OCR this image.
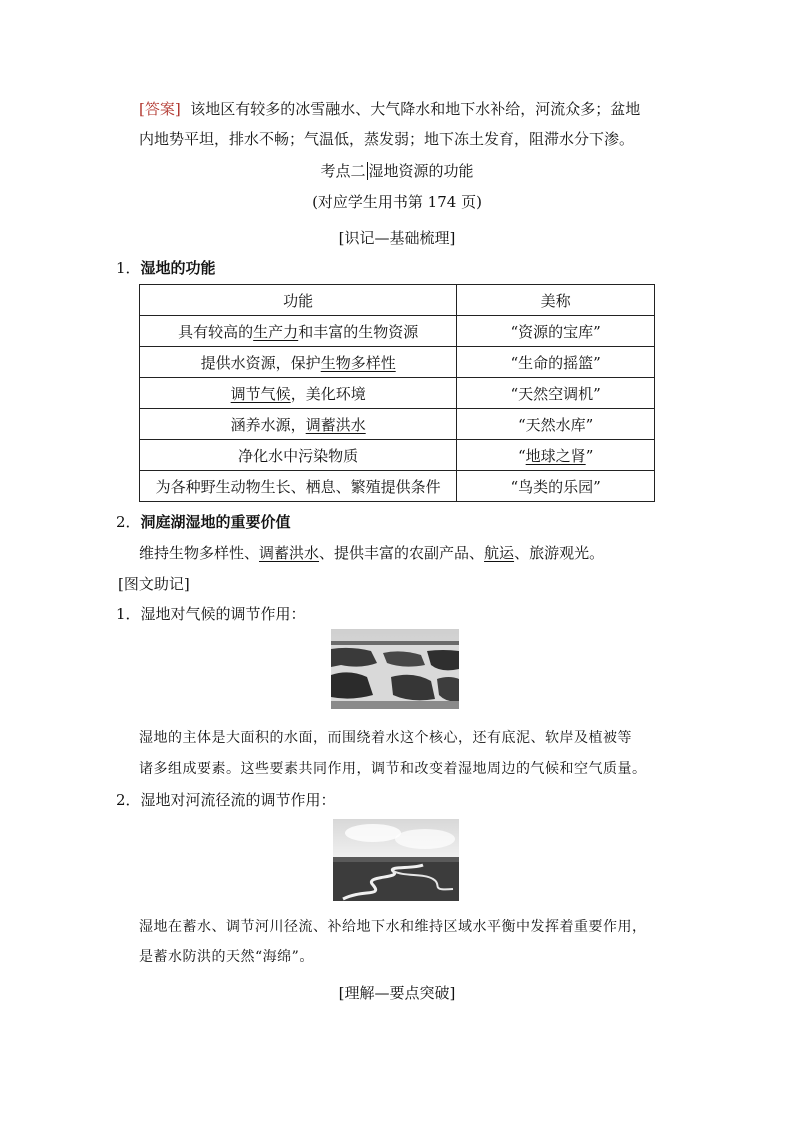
[答案] 该地区有较多的冰雪融水、大气降水和地下水补给，河流众多；盆地
内地势平坦，排水不畅；气温低，蒸发弱；地下冻土发育，阻滞水分下渗。
考点二 湿地资源的功能
(对应学生用书第 174 页)
[识记—基础梳理]
1．湿地的功能
功能	美称
具有较高的生产力和丰富的生物资源	“资源的宝库”
提供水资源，保护生物多样性	“生命的摇篮”
调节气候，美化环境	“天然空调机”
涵养水源，调蓄洪水	“天然水库”
净化水中污染物质	“地球之肾”
为各种野生动物生长、栖息、繁殖提供条件	“鸟类的乐园”
2．洞庭湖湿地的重要价值
维持生物多样性、调蓄洪水、提供丰富的农副产品、航运、旅游观光。
[图文助记]
1．湿地对气候的调节作用：
湿地的主体是大面积的水面，而围绕着水这个核心，还有底泥、软岸及植被等
诸多组成要素。这些要素共同作用，调节和改变着湿地周边的气候和空气质量。
2．湿地对河流径流的调节作用：
湿地在蓄水、调节河川径流、补给地下水和维持区域水平衡中发挥着重要作用，
是蓄水防洪的天然“海绵”。
[理解—要点突破]
